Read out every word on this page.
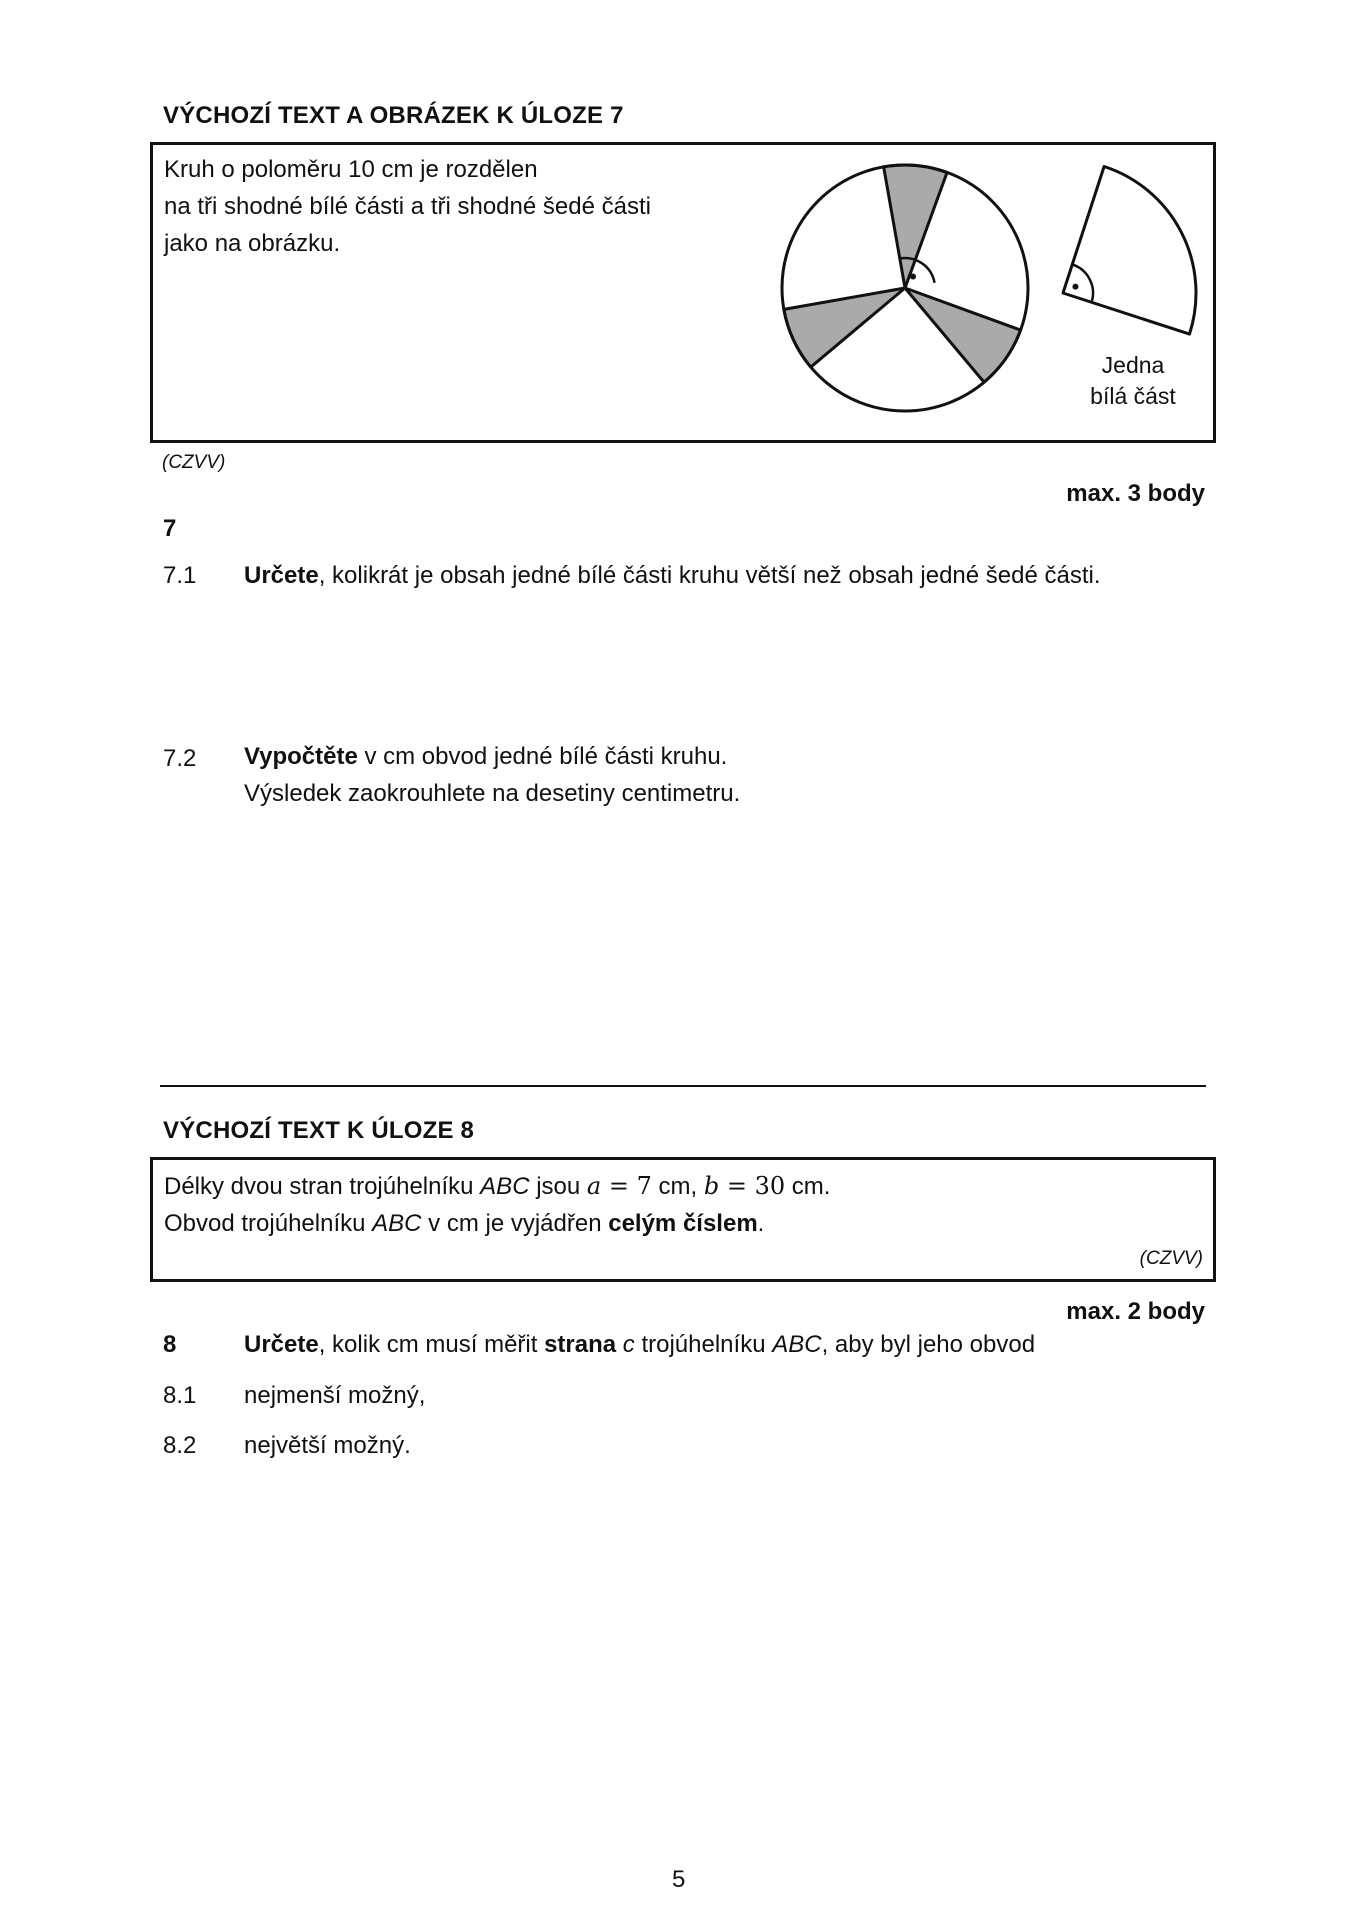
VÝCHOZÍ TEXT A OBRÁZEK K ÚLOZE 7
Kruh o poloměru 10 cm je rozdělen
na tři shodné bílé části a tři shodné šedé části
jako na obrázku.
Jedna
bílá část
(CZVV)
max. 3 body
7
7.1 Určete, kolikrát je obsah jedné bílé části kruhu větší než obsah jedné šedé části.
7.2 Vypočtěte v cm obvod jedné bílé části kruhu.
Výsledek zaokrouhlete na desetiny centimetru.
VÝCHOZÍ TEXT K ÚLOZE 8
Délky dvou stran trojúhelníku ABC jsou a = 7 cm, b = 30 cm.
Obvod trojúhelníku ABC v cm je vyjádřen celým číslem.
(CZVV)
max. 2 body
8	Určete, kolik cm musí měřit strana c trojúhelníku ABC, aby byl jeho obvod
8.1 nejmenší možný,
8.2 největší možný.
5
